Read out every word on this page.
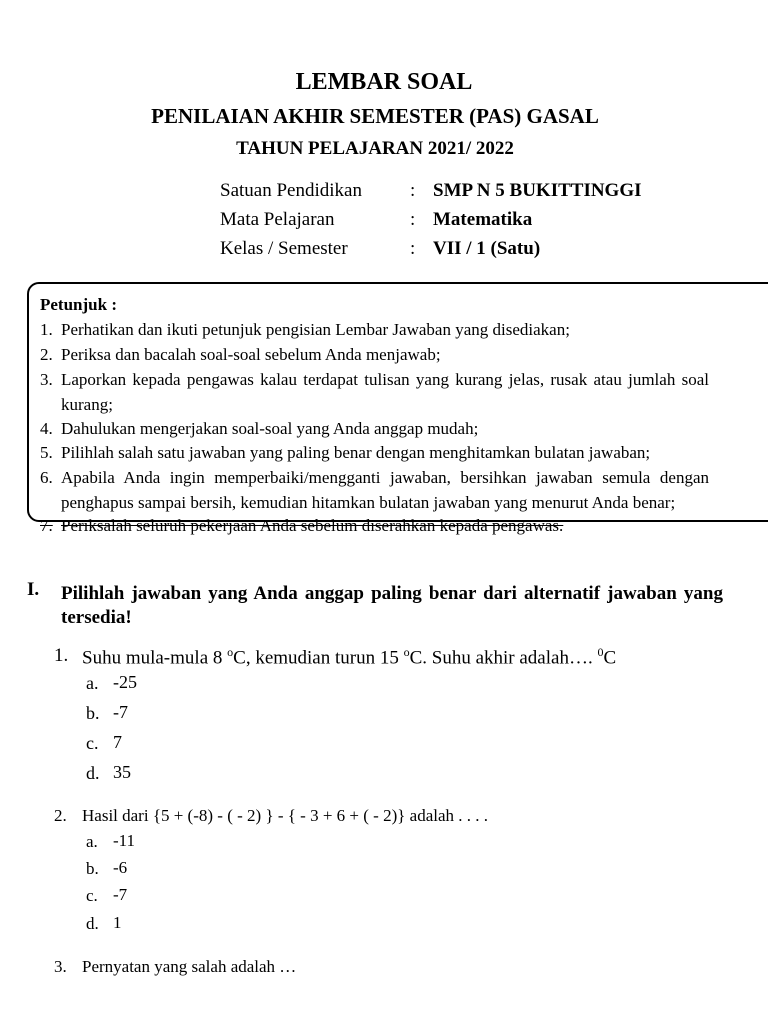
LEMBAR SOAL
PENILAIAN AKHIR SEMESTER (PAS) GASAL
TAHUN PELAJARAN 2021/ 2022
Satuan Pendidikan	: SMP N 5 BUKITTINGGI
Mata Pelajaran	: Matematika
Kelas / Semester	: VII / 1 (Satu)
Petunjuk :
1. Perhatikan dan ikuti petunjuk pengisian Lembar Jawaban yang disediakan;
2. Periksa dan bacalah soal-soal sebelum Anda menjawab;
3. Laporkan kepada pengawas kalau terdapat tulisan yang kurang jelas, rusak atau jumlah soal
kurang;
4. Dahulukan mengerjakan soal-soal yang Anda anggap mudah;
5. Pilihlah salah satu jawaban yang paling benar dengan menghitamkan bulatan jawaban;
6. Apabila Anda ingin memperbaiki/mengganti jawaban, bersihkan jawaban semula dengan
penghapus sampai bersih, kemudian hitamkan bulatan jawaban yang menurut Anda benar;
7. Periksalah seluruh pekerjaan Anda sebelum diserahkan kepada pengawas.
I. Pilihlah jawaban yang Anda anggap paling benar dari alternatif jawaban yang
tersedia!
1. Suhu mula-mula 8 $^o$C, kemudian turun 15 $^o$C. Suhu akhir adalah…. $^0$C
a. -25
b. -7
c. 7
d. 35
2. Hasil dari {5 + (-8) - ( - 2) } - { - 3 + 6 + ( - 2)} adalah . . . .
a. -11
b. -6
c. -7
d. 1
3. Pernyatan yang salah adalah …
